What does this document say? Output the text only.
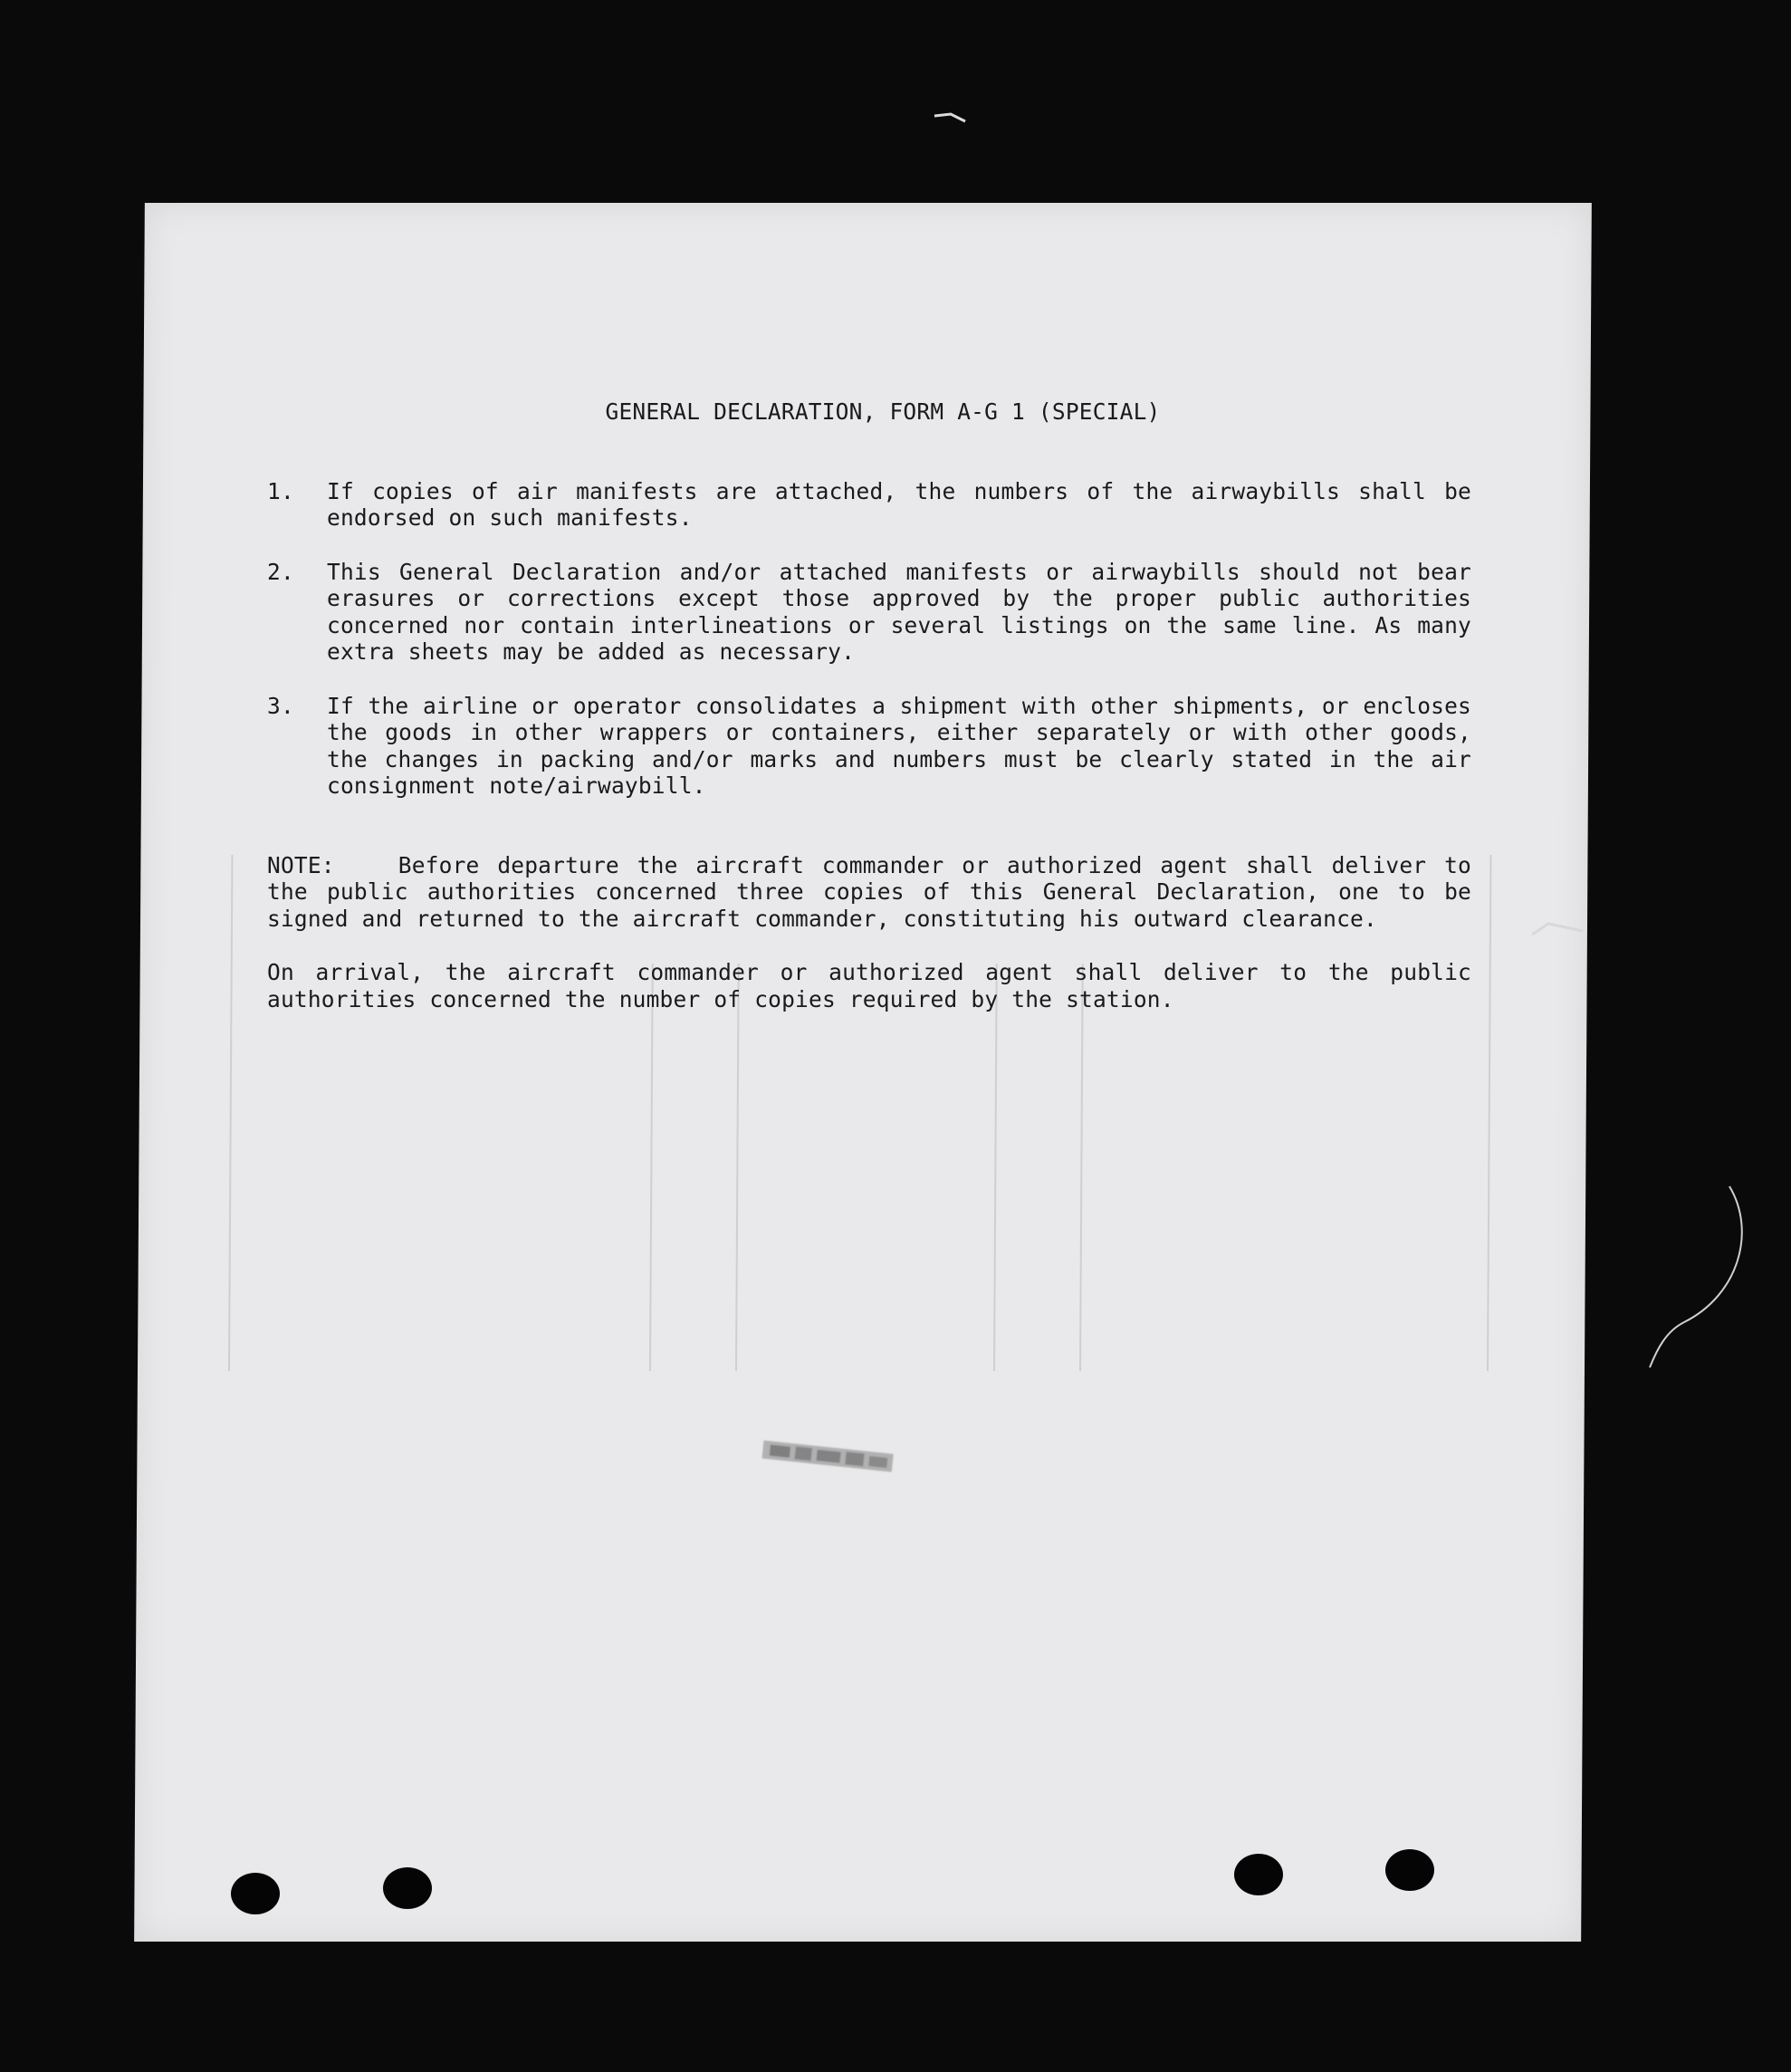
GENERAL DECLARATION, FORM A-G 1 (SPECIAL)
1.	If copies of air manifests are attached, the numbers of the airwaybills shall be endorsed on such manifests.
2.	This General Declaration and/or attached manifests or airwaybills should not bear erasures or corrections except those approved by the proper public authorities concerned nor contain interlineations or several listings on the same line. As many extra sheets may be added as necessary.
3.	If the airline or operator consolidates a shipment with other shipments, or encloses the goods in other wrappers or containers, either separately or with other goods, the changes in packing and/or marks and numbers must be clearly stated in the air consignment note/airwaybill.

NOTE:	Before departure the aircraft commander or authorized agent shall deliver to the public authorities concerned three copies of this General Declaration, one to be signed and returned to the aircraft commander, constituting his outward clearance.

On arrival, the aircraft commander or authorized agent shall deliver to the public authorities concerned the number of copies required by the station.
